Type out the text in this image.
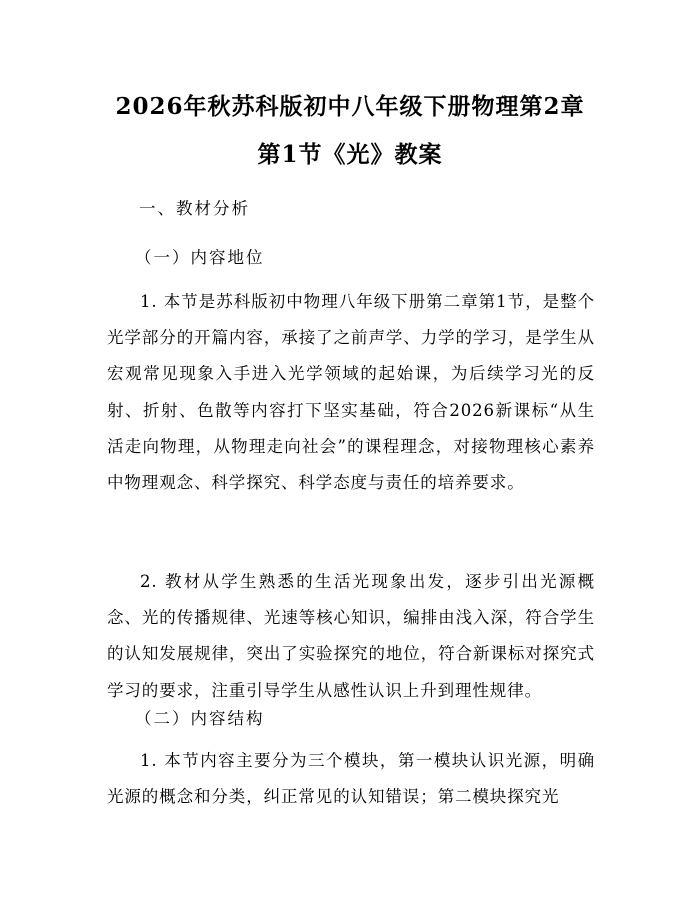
2026年秋苏科版初中八年级下册物理第2章
第1节《光》教案

一、教材分析

（一）内容地位

1. 本节是苏科版初中物理八年级下册第二章第1节，是整个光学部分的开篇内容，承接了之前声学、力学的学习，是学生从宏观常见现象入手进入光学领域的起始课，为后续学习光的反射、折射、色散等内容打下坚实基础，符合2026新课标“从生活走向物理，从物理走向社会”的课程理念，对接物理核心素养中物理观念、科学探究、科学态度与责任的培养要求。

2. 教材从学生熟悉的生活光现象出发，逐步引出光源概念、光的传播规律、光速等核心知识，编排由浅入深，符合学生的认知发展规律，突出了实验探究的地位，符合新课标对探究式学习的要求，注重引导学生从感性认识上升到理性规律。

（二）内容结构

1. 本节内容主要分为三个模块，第一模块认识光源，明确光源的概念和分类，纠正常见的认知错误；第二模块探究光
